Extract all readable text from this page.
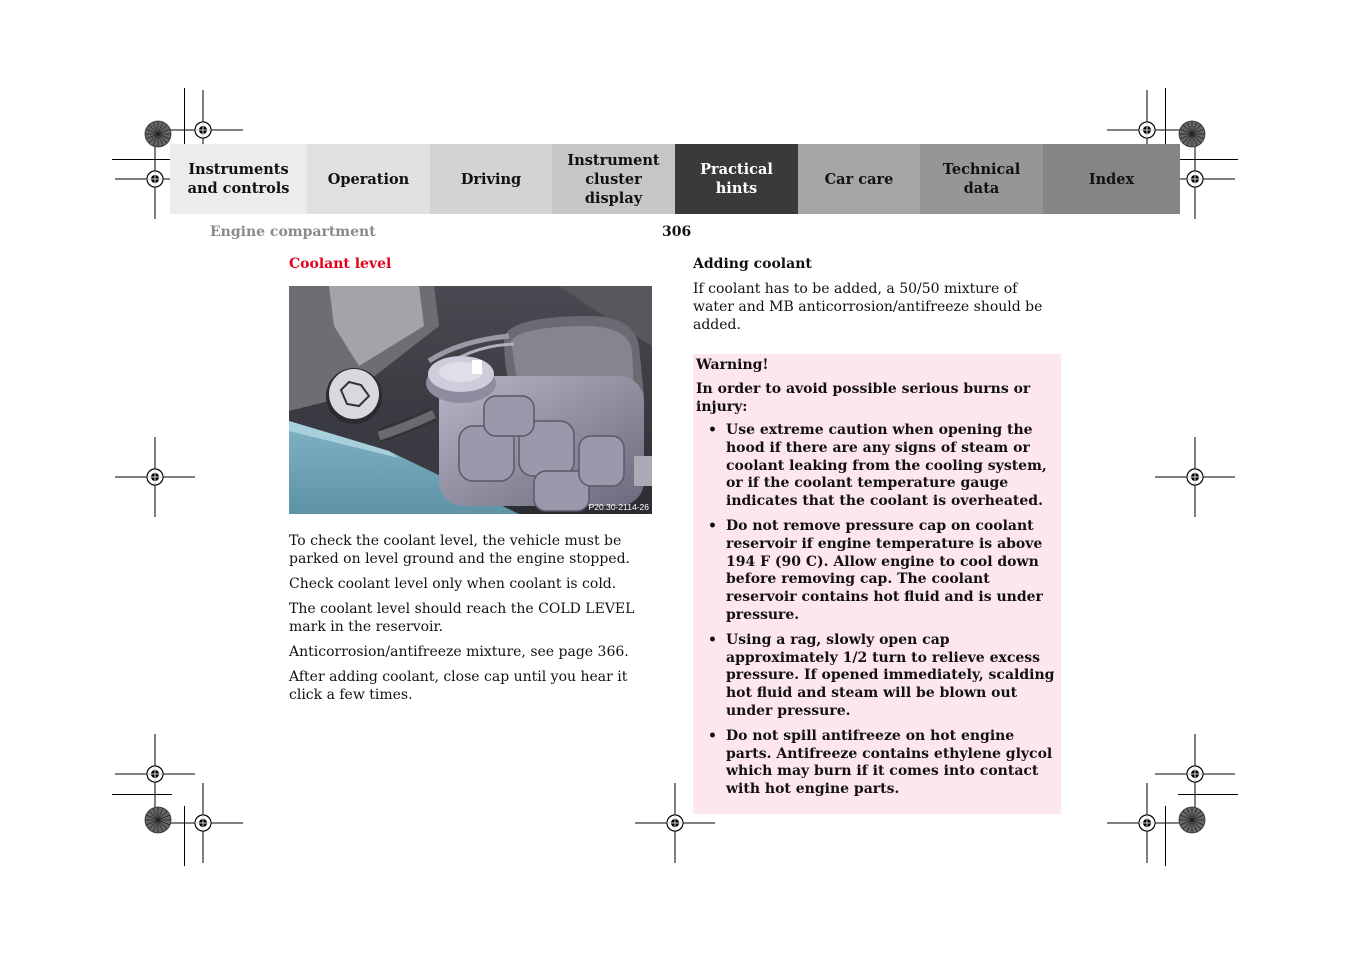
Instruments
and controls
Operation	Driving
Instrument
cluster display
Practical hints
Car care
Technical
data
Index
Engine compartment	306
Coolant level
P20.30-2114-26

To check the coolant level, the vehicle must be parked on level ground and the engine stopped.

Check coolant level only when coolant is cold.

The coolant level should reach the COLD LEVEL mark in the reservoir.

Anticorrosion/antifreeze mixture, see page 366.

After adding coolant, close cap until you hear it click a few times.

Adding coolant

If coolant has to be added, a 50/50 mixture of water and MB anticorrosion/antifreeze should be added.

Warning!
In order to avoid possible serious burns or injury:
• Use extreme caution when opening the hood if there are any signs of steam or coolant leaking from the cooling system, or if the coolant temperature gauge indicates that the coolant is overheated.
• Do not remove pressure cap on coolant reservoir if engine temperature is above 194 F (90 C). Allow engine to cool down before removing cap. The coolant reservoir contains hot fluid and is under pressure.
• Using a rag, slowly open cap approximately 1/2 turn to relieve excess pressure. If opened immediately, scalding hot fluid and steam will be blown out under pressure.
• Do not spill antifreeze on hot engine parts. Antifreeze contains ethylene glycol which may burn if it comes into contact with hot engine parts.
